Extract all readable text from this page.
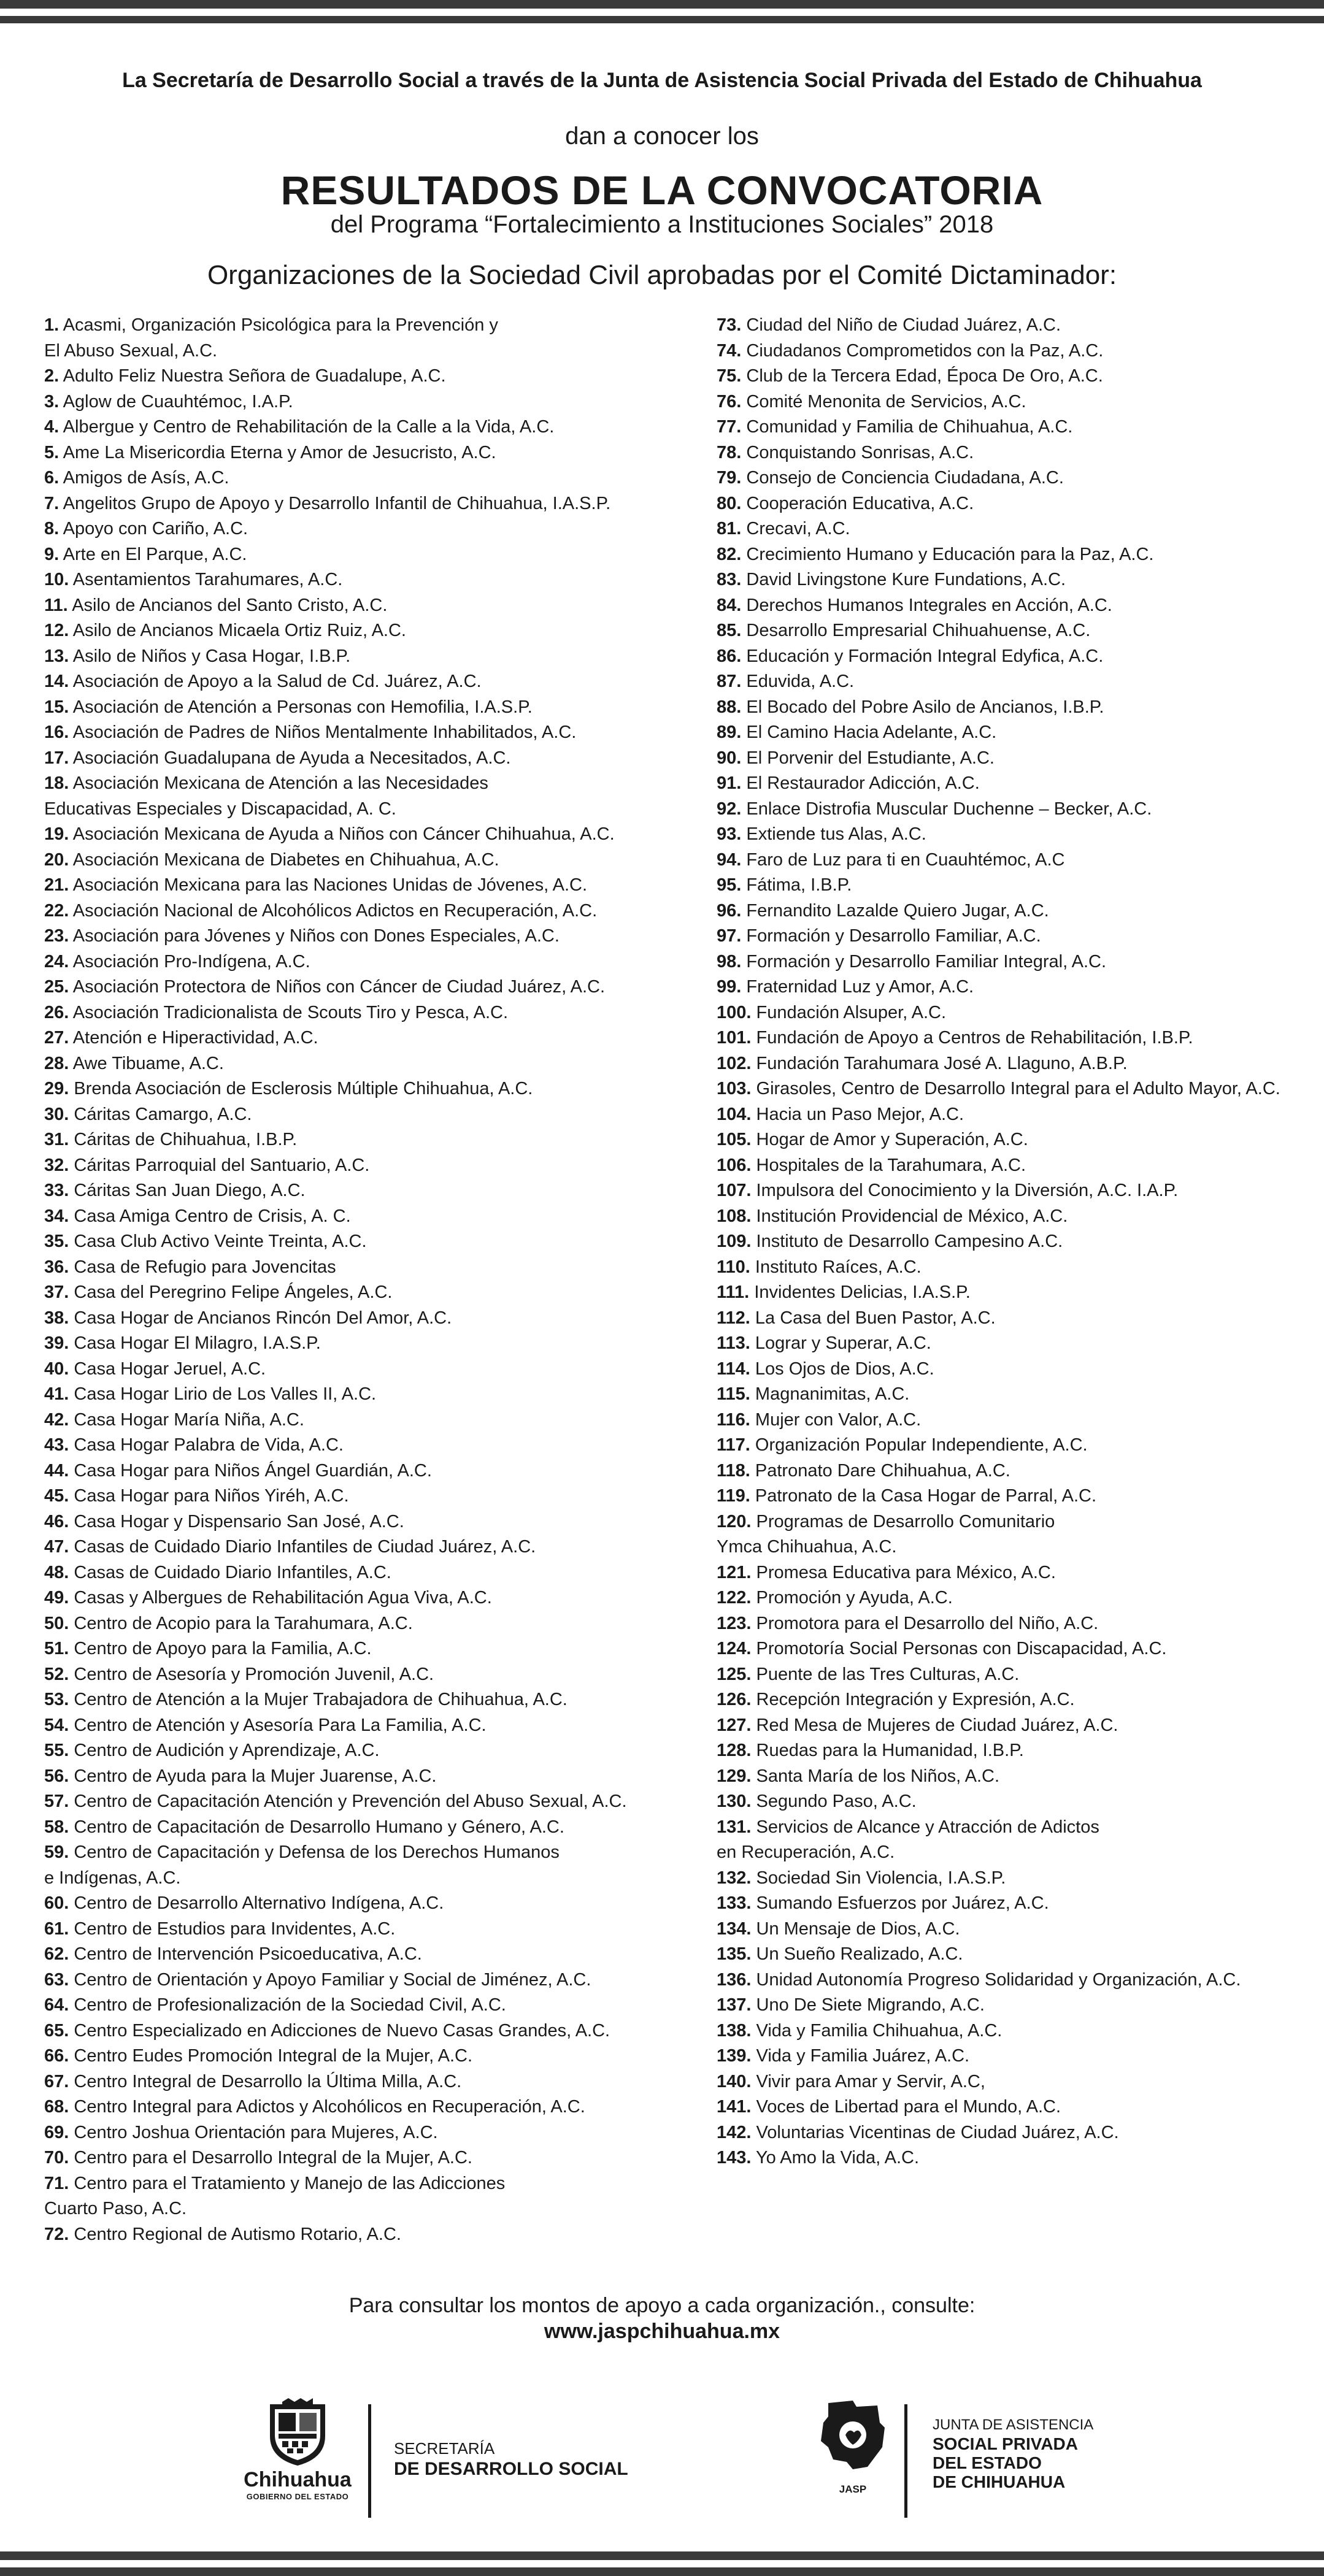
La Secretaría de Desarrollo Social a través de la Junta de Asistencia Social Privada del Estado de Chihuahua
dan a conocer los
RESULTADOS DE LA CONVOCATORIA
del Programa “Fortalecimiento a Instituciones Sociales” 2018
Organizaciones de la Sociedad Civil aprobadas por el Comité Dictaminador:
1. Acasmi, Organización Psicológica para la Prevención y
El Abuso Sexual, A.C.
2. Adulto Feliz Nuestra Señora de Guadalupe, A.C.
3. Aglow de Cuauhtémoc, I.A.P.
4. Albergue y Centro de Rehabilitación de la Calle a la Vida, A.C.
5. Ame La Misericordia Eterna y Amor de Jesucristo, A.C.
6. Amigos de Asís, A.C.
7. Angelitos Grupo de Apoyo y Desarrollo Infantil de Chihuahua, I.A.S.P.
8. Apoyo con Cariño, A.C.
9. Arte en El Parque, A.C.
10. Asentamientos Tarahumares, A.C.
11. Asilo de Ancianos del Santo Cristo, A.C.
12. Asilo de Ancianos Micaela Ortiz Ruiz, A.C.
13. Asilo de Niños y Casa Hogar, I.B.P.
14. Asociación de Apoyo a la Salud de Cd. Juárez, A.C.
15. Asociación de Atención a Personas con Hemofilia, I.A.S.P.
16. Asociación de Padres de Niños Mentalmente Inhabilitados, A.C.
17. Asociación Guadalupana de Ayuda a Necesitados, A.C.
18. Asociación Mexicana de Atención a las Necesidades
Educativas Especiales y Discapacidad, A. C.
19. Asociación Mexicana de Ayuda a Niños con Cáncer Chihuahua, A.C.
20. Asociación Mexicana de Diabetes en Chihuahua, A.C.
21. Asociación Mexicana para las Naciones Unidas de Jóvenes, A.C.
22. Asociación Nacional de Alcohólicos Adictos en Recuperación, A.C.
23. Asociación para Jóvenes y Niños con Dones Especiales, A.C.
24. Asociación Pro-Indígena, A.C.
25. Asociación Protectora de Niños con Cáncer de Ciudad Juárez, A.C.
26. Asociación Tradicionalista de Scouts Tiro y Pesca, A.C.
27. Atención e Hiperactividad, A.C.
28. Awe Tibuame, A.C.
29. Brenda Asociación de Esclerosis Múltiple Chihuahua, A.C.
30. Cáritas Camargo, A.C.
31. Cáritas de Chihuahua, I.B.P.
32. Cáritas Parroquial del Santuario, A.C.
33. Cáritas San Juan Diego, A.C.
34. Casa Amiga Centro de Crisis, A. C.
35. Casa Club Activo Veinte Treinta, A.C.
36. Casa de Refugio para Jovencitas
37. Casa del Peregrino Felipe Ángeles, A.C.
38. Casa Hogar de Ancianos Rincón Del Amor, A.C.
39. Casa Hogar El Milagro, I.A.S.P.
40. Casa Hogar Jeruel, A.C.
41. Casa Hogar Lirio de Los Valles II, A.C.
42. Casa Hogar María Niña, A.C.
43. Casa Hogar Palabra de Vida, A.C.
44. Casa Hogar para Niños Ángel Guardián, A.C.
45. Casa Hogar para Niños Yiréh, A.C.
46. Casa Hogar y Dispensario San José, A.C.
47. Casas de Cuidado Diario Infantiles de Ciudad Juárez, A.C.
48. Casas de Cuidado Diario Infantiles, A.C.
49. Casas y Albergues de Rehabilitación Agua Viva, A.C.
50. Centro de Acopio para la Tarahumara, A.C.
51. Centro de Apoyo para la Familia, A.C.
52. Centro de Asesoría y Promoción Juvenil, A.C.
53. Centro de Atención a la Mujer Trabajadora de Chihuahua, A.C.
54. Centro de Atención y Asesoría Para La Familia, A.C.
55. Centro de Audición y Aprendizaje, A.C.
56. Centro de Ayuda para la Mujer Juarense, A.C.
57. Centro de Capacitación Atención y Prevención del Abuso Sexual, A.C.
58. Centro de Capacitación de Desarrollo Humano y Género, A.C.
59. Centro de Capacitación y Defensa de los Derechos Humanos
e Indígenas, A.C.
60. Centro de Desarrollo Alternativo Indígena, A.C.
61. Centro de Estudios para Invidentes, A.C.
62. Centro de Intervención Psicoeducativa, A.C.
63. Centro de Orientación y Apoyo Familiar y Social de Jiménez, A.C.
64. Centro de Profesionalización de la Sociedad Civil, A.C.
65. Centro Especializado en Adicciones de Nuevo Casas Grandes, A.C.
66. Centro Eudes Promoción Integral de la Mujer, A.C.
67. Centro Integral de Desarrollo la Última Milla, A.C.
68. Centro Integral para Adictos y Alcohólicos en Recuperación, A.C.
69. Centro Joshua Orientación para Mujeres, A.C.
70. Centro para el Desarrollo Integral de la Mujer, A.C.
71. Centro para el Tratamiento y Manejo de las Adicciones
Cuarto Paso, A.C.
72. Centro Regional de Autismo Rotario, A.C.
73. Ciudad del Niño de Ciudad Juárez, A.C.
74. Ciudadanos Comprometidos con la Paz, A.C.
75. Club de la Tercera Edad, Época De Oro, A.C.
76. Comité Menonita de Servicios, A.C.
77. Comunidad y Familia de Chihuahua, A.C.
78. Conquistando Sonrisas, A.C.
79. Consejo de Conciencia Ciudadana, A.C.
80. Cooperación Educativa, A.C.
81. Crecavi, A.C.
82. Crecimiento Humano y Educación para la Paz, A.C.
83. David Livingstone Kure Fundations, A.C.
84. Derechos Humanos Integrales en Acción, A.C.
85. Desarrollo Empresarial Chihuahuense, A.C.
86. Educación y Formación Integral Edyfica, A.C.
87. Eduvida, A.C.
88. El Bocado del Pobre Asilo de Ancianos, I.B.P.
89. El Camino Hacia Adelante, A.C.
90. El Porvenir del Estudiante, A.C.
91. El Restaurador Adicción, A.C.
92. Enlace Distrofia Muscular Duchenne – Becker, A.C.
93. Extiende tus Alas, A.C.
94. Faro de Luz para ti en Cuauhtémoc, A.C
95. Fátima, I.B.P.
96. Fernandito Lazalde Quiero Jugar, A.C.
97. Formación y Desarrollo Familiar, A.C.
98. Formación y Desarrollo Familiar Integral, A.C.
99. Fraternidad Luz y Amor, A.C.
100. Fundación Alsuper, A.C.
101. Fundación de Apoyo a Centros de Rehabilitación, I.B.P.
102. Fundación Tarahumara José A. Llaguno, A.B.P.
103. Girasoles, Centro de Desarrollo Integral para el Adulto Mayor, A.C.
104. Hacia un Paso Mejor, A.C.
105. Hogar de Amor y Superación, A.C.
106. Hospitales de la Tarahumara, A.C.
107. Impulsora del Conocimiento y la Diversión, A.C. I.A.P.
108. Institución Providencial de México, A.C.
109. Instituto de Desarrollo Campesino A.C.
110. Instituto Raíces, A.C.
111. Invidentes Delicias, I.A.S.P.
112. La Casa del Buen Pastor, A.C.
113. Lograr y Superar, A.C.
114. Los Ojos de Dios, A.C.
115. Magnanimitas, A.C.
116. Mujer con Valor, A.C.
117. Organización Popular Independiente, A.C.
118. Patronato Dare Chihuahua, A.C.
119. Patronato de la Casa Hogar de Parral, A.C.
120. Programas de Desarrollo Comunitario
Ymca Chihuahua, A.C.
121. Promesa Educativa para México, A.C.
122. Promoción y Ayuda, A.C.
123. Promotora para el Desarrollo del Niño, A.C.
124. Promotoría Social Personas con Discapacidad, A.C.
125. Puente de las Tres Culturas, A.C.
126. Recepción Integración y Expresión, A.C.
127. Red Mesa de Mujeres de Ciudad Juárez, A.C.
128. Ruedas para la Humanidad, I.B.P.
129. Santa María de los Niños, A.C.
130. Segundo Paso, A.C.
131. Servicios de Alcance y Atracción de Adictos
en Recuperación, A.C.
132. Sociedad Sin Violencia, I.A.S.P.
133. Sumando Esfuerzos por Juárez, A.C.
134. Un Mensaje de Dios, A.C.
135. Un Sueño Realizado, A.C.
136. Unidad Autonomía Progreso Solidaridad y Organización, A.C.
137. Uno De Siete Migrando, A.C.
138. Vida y Familia Chihuahua, A.C.
139. Vida y Familia Juárez, A.C.
140. Vivir para Amar y Servir, A.C,
141. Voces de Libertad para el Mundo, A.C.
142. Voluntarias Vicentinas de Ciudad Juárez, A.C.
143. Yo Amo la Vida, A.C.
Para consultar los montos de apoyo a cada organización., consulte:
www.jaspchihuahua.mx
Chihuahua
GOBIERNO DEL ESTADO
SECRETARÍA
DE DESARROLLO SOCIAL
JASP
JUNTA DE ASISTENCIA
SOCIAL PRIVADA
DEL ESTADO
DE CHIHUAHUA
